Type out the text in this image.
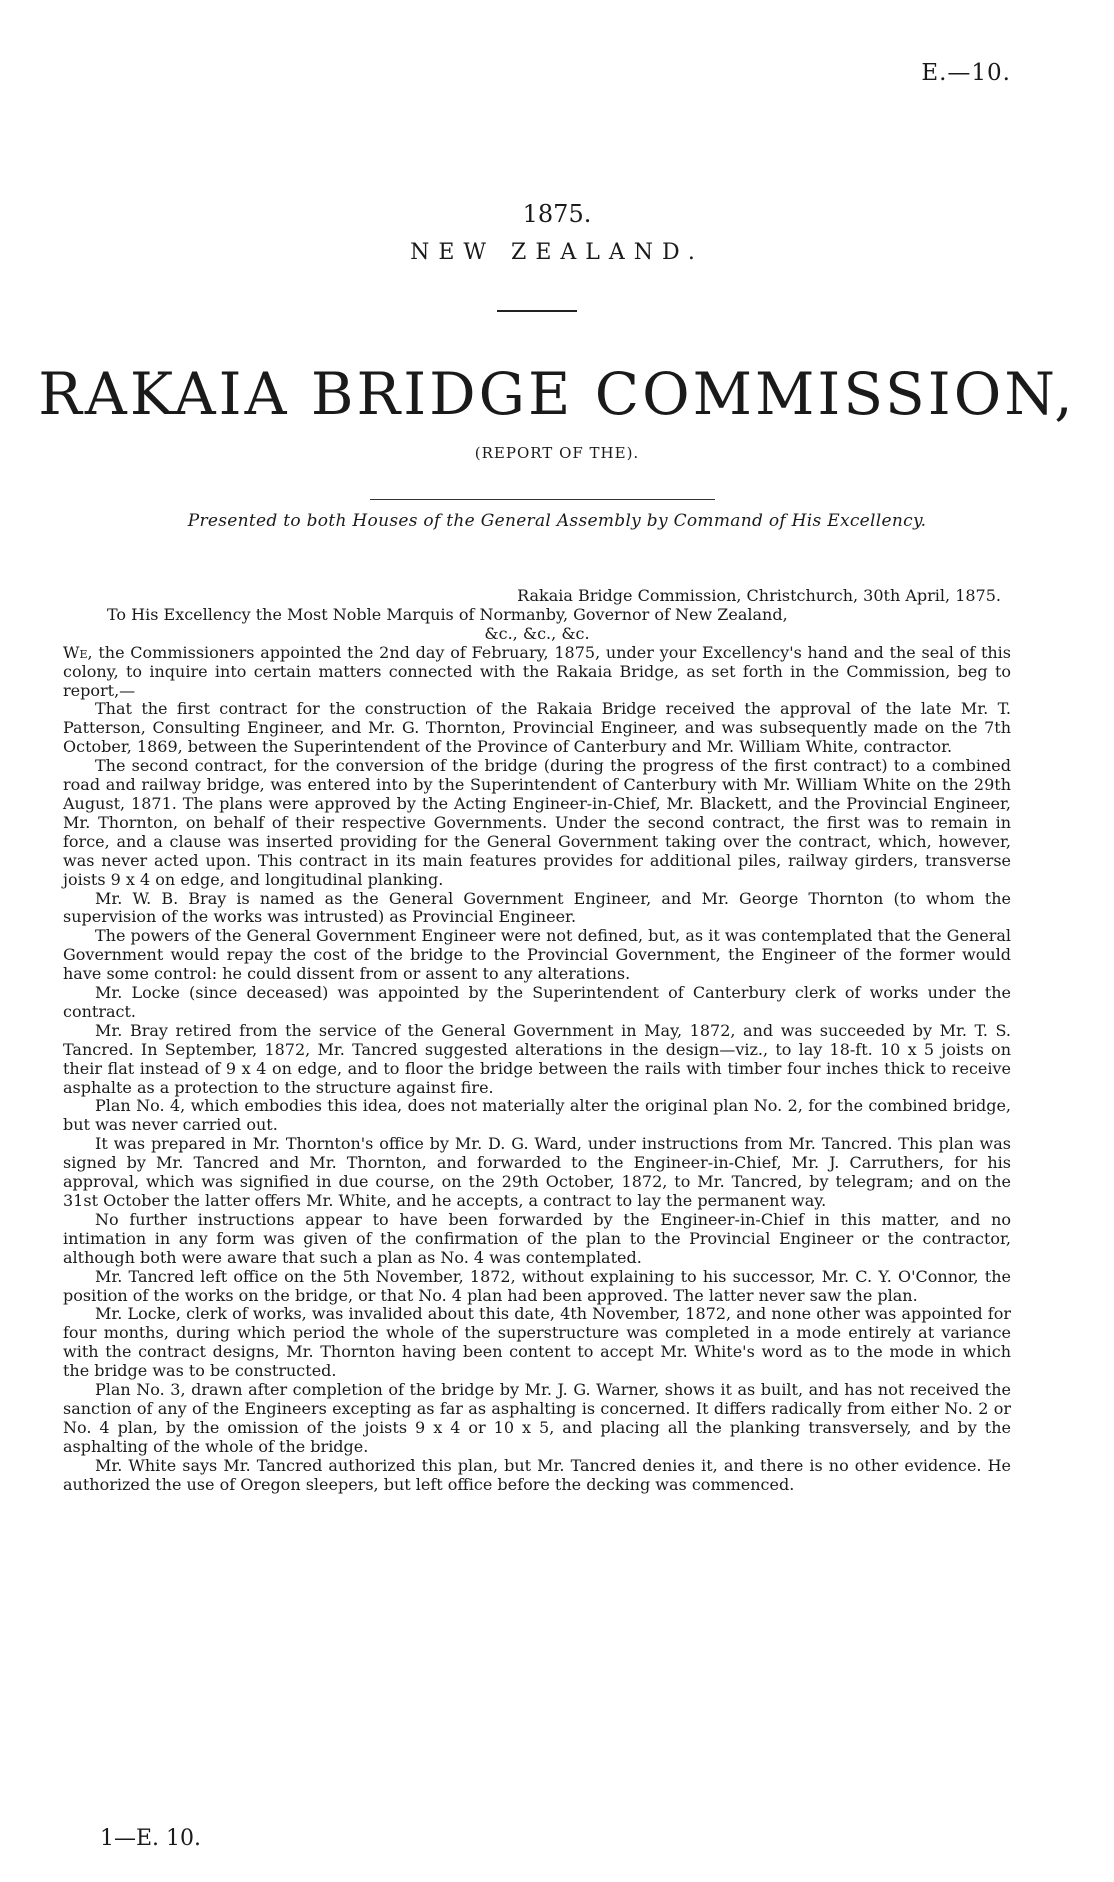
E.—10.
1875.
NEW ZEALAND.
RAKAIA BRIDGE COMMISSION,
(REPORT OF THE).
Presented to both Houses of the General Assembly by Command of His Excellency.

Rakaia Bridge Commission, Christchurch, 30th April, 1875.

To His Excellency the Most Noble Marquis of Normanby, Governor of New Zealand,

&c., &c., &c.

We, the Commissioners appointed the 2nd day of February, 1875, under your Excellency's hand and the seal of this colony, to inquire into certain matters connected with the Rakaia Bridge, as set forth in the Commission, beg to report,—

That the first contract for the construction of the Rakaia Bridge received the approval of the late Mr. T. Patterson, Consulting Engineer, and Mr. G. Thornton, Provincial Engineer, and was subsequently made on the 7th October, 1869, between the Superintendent of the Province of Canterbury and Mr. William White, contractor.

The second contract, for the conversion of the bridge (during the progress of the first contract) to a combined road and railway bridge, was entered into by the Superintendent of Canterbury with Mr. William White on the 29th August, 1871. The plans were approved by the Acting Engineer-in-Chief, Mr. Blackett, and the Provincial Engineer, Mr. Thornton, on behalf of their respective Governments. Under the second contract, the first was to remain in force, and a clause was inserted providing for the General Government taking over the contract, which, however, was never acted upon. This contract in its main features provides for additional piles, railway girders, transverse joists 9 x 4 on edge, and longitudinal planking.

Mr. W. B. Bray is named as the General Government Engineer, and Mr. George Thornton (to whom the supervision of the works was intrusted) as Provincial Engineer.

The powers of the General Government Engineer were not defined, but, as it was contemplated that the General Government would repay the cost of the bridge to the Provincial Government, the Engineer of the former would have some control: he could dissent from or assent to any alterations.

Mr. Locke (since deceased) was appointed by the Superintendent of Canterbury clerk of works under the contract.

Mr. Bray retired from the service of the General Government in May, 1872, and was succeeded by Mr. T. S. Tancred. In September, 1872, Mr. Tancred suggested alterations in the design—viz., to lay 18-ft. 10 x 5 joists on their flat instead of 9 x 4 on edge, and to floor the bridge between the rails with timber four inches thick to receive asphalte as a protection to the structure against fire.

Plan No. 4, which embodies this idea, does not materially alter the original plan No. 2, for the combined bridge, but was never carried out.

It was prepared in Mr. Thornton's office by Mr. D. G. Ward, under instructions from Mr. Tancred. This plan was signed by Mr. Tancred and Mr. Thornton, and forwarded to the Engineer-in-Chief, Mr. J. Carruthers, for his approval, which was signified in due course, on the 29th October, 1872, to Mr. Tancred, by telegram; and on the 31st October the latter offers Mr. White, and he accepts, a contract to lay the permanent way.

No further instructions appear to have been forwarded by the Engineer-in-Chief in this matter, and no intimation in any form was given of the confirmation of the plan to the Provincial Engineer or the contractor, although both were aware that such a plan as No. 4 was contemplated.

Mr. Tancred left office on the 5th November, 1872, without explaining to his successor, Mr. C. Y. O'Connor, the position of the works on the bridge, or that No. 4 plan had been approved. The latter never saw the plan.

Mr. Locke, clerk of works, was invalided about this date, 4th November, 1872, and none other was appointed for four months, during which period the whole of the superstructure was completed in a mode entirely at variance with the contract designs, Mr. Thornton having been content to accept Mr. White's word as to the mode in which the bridge was to be constructed.

Plan No. 3, drawn after completion of the bridge by Mr. J. G. Warner, shows it as built, and has not received the sanction of any of the Engineers excepting as far as asphalting is concerned. It differs radically from either No. 2 or No. 4 plan, by the omission of the joists 9 x 4 or 10 x 5, and placing all the planking transversely, and by the asphalting of the whole of the bridge.

Mr. White says Mr. Tancred authorized this plan, but Mr. Tancred denies it, and there is no other evidence. He authorized the use of Oregon sleepers, but left office before the decking was commenced.

1—E. 10.
